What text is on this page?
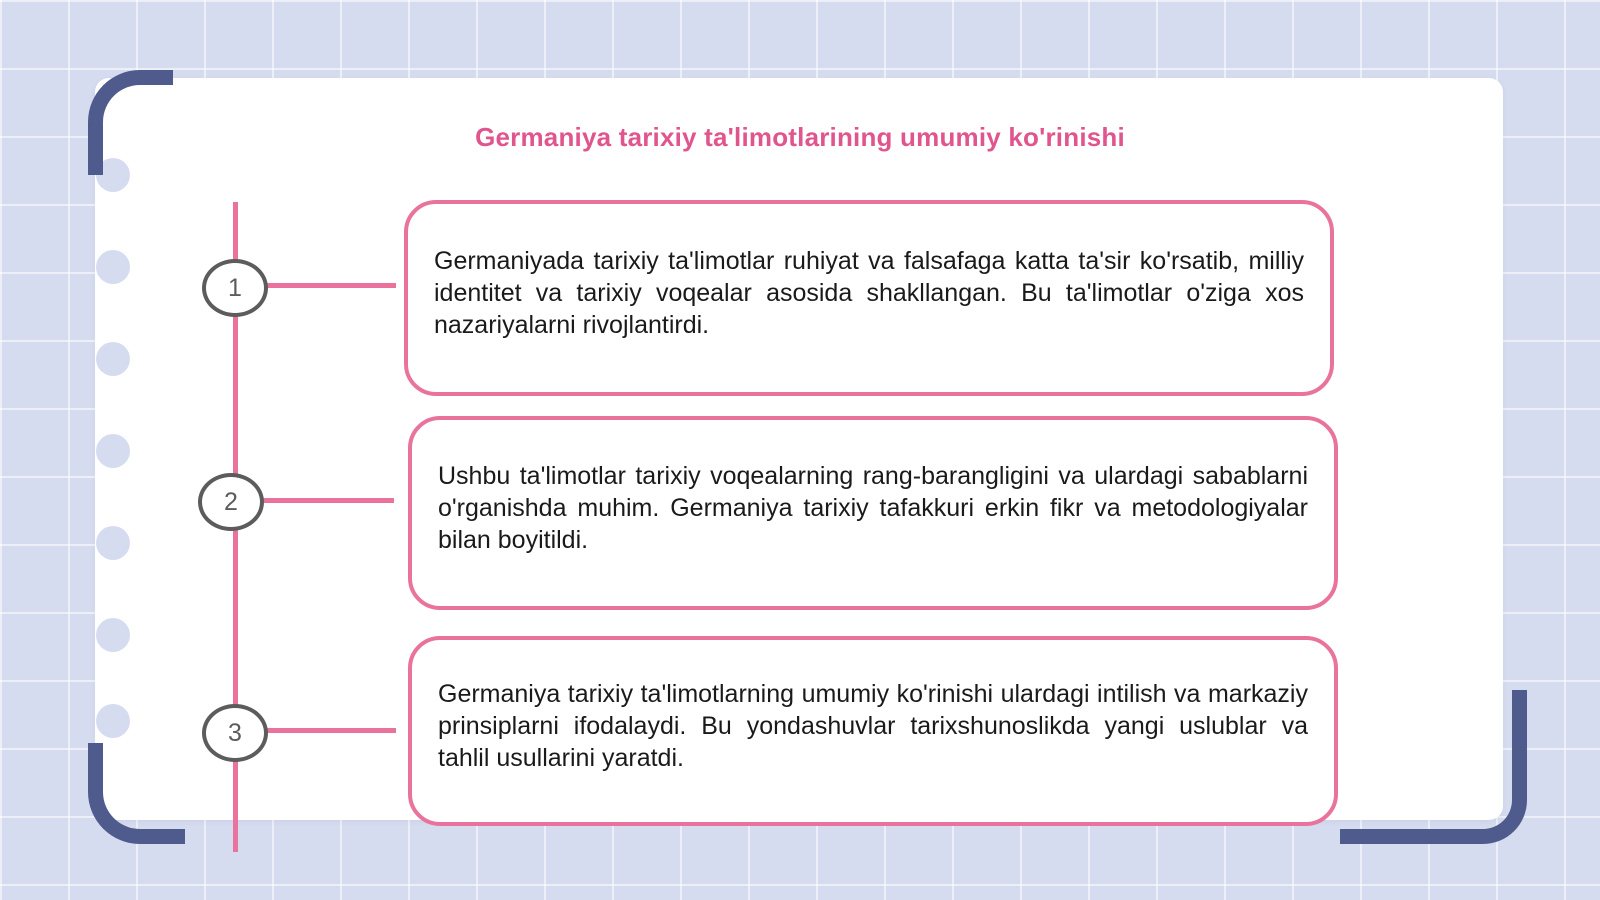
Germaniya tarixiy ta'limotlarining umumiy ko'rinishi
1
2
3

Germaniyada tarixiy ta'limotlar ruhiyat va falsafaga katta ta'sir ko'rsatib, milliy identitet va tarixiy voqealar asosida shakllangan. Bu ta'limotlar o'ziga xos nazariyalarni rivojlantirdi.

Ushbu ta'limotlar tarixiy voqealarning rang-barangligini va ulardagi sabablarni o'rganishda muhim. Germaniya tarixiy tafakkuri erkin fikr va metodologiyalar bilan boyitildi.

Germaniya tarixiy ta'limotlarning umumiy ko'rinishi ulardagi intilish va markaziy prinsiplarni ifodalaydi. Bu yondashuvlar tarixshunoslikda yangi uslublar va tahlil usullarini yaratdi.
